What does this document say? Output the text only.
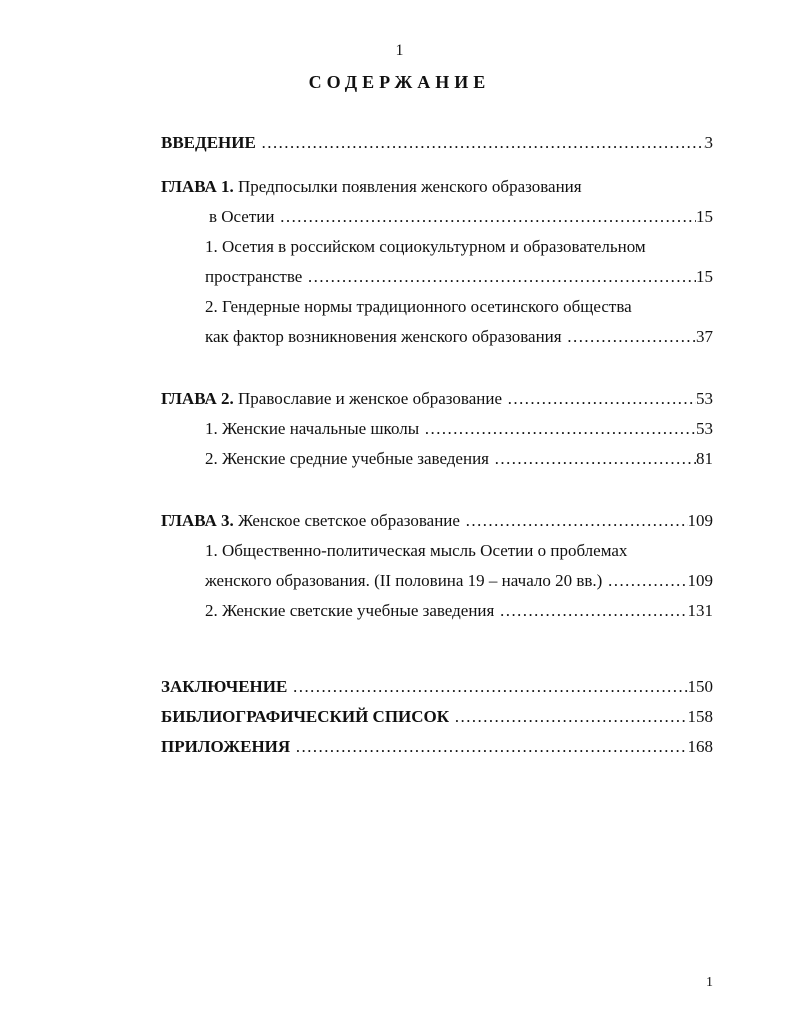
1
СОДЕРЖАНИЕ
ВВЕДЕНИЕ …………………………………………………………………………………………………………………………………………………………	3
ГЛАВА 1. Предпосылки появления женского образования
в Осетии …………………………………………………………………………………………………………………………………………………………	15
1. Осетия в российском социокультурном и образовательном
пространстве …………………………………………………………………………………………………………………………………………………………	15
2. Гендерные нормы традиционного осетинского общества
как фактор возникновения женского образования …………………………………………………………………………………………………………………………………………………………	37
ГЛАВА 2. Православие и женское образование …………………………………………………………………………………………………………………………………………………………	53
1. Женские начальные школы …………………………………………………………………………………………………………………………………………………………	53
2. Женские средние учебные заведения …………………………………………………………………………………………………………………………………………………………	81
ГЛАВА 3. Женское светское образование …………………………………………………………………………………………………………………………………………………………	109
1. Общественно-политическая мысль Осетии о проблемах
женского образования. (II половина 19 – начало 20 вв.) …………………………………………………………………………………………………………………………………………………………	109
2. Женские светские учебные заведения …………………………………………………………………………………………………………………………………………………………	131
ЗАКЛЮЧЕНИЕ …………………………………………………………………………………………………………………………………………………………	150
БИБЛИОГРАФИЧЕСКИЙ СПИСОК …………………………………………………………………………………………………………………………………………………………	158
ПРИЛОЖЕНИЯ …………………………………………………………………………………………………………………………………………………………	168
1
